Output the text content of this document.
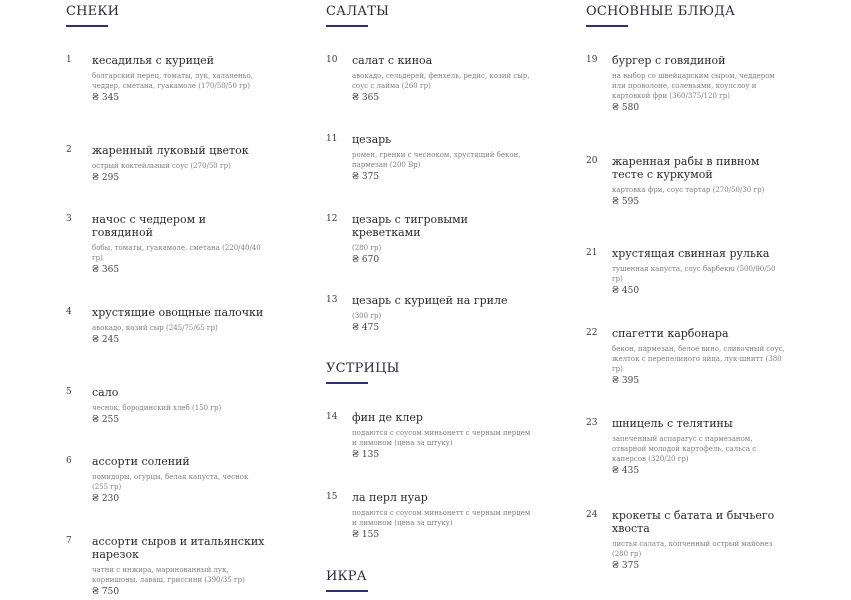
СНЕКИ
1 кесадилья с курицей
болгарский перец, томаты, лук, халапеньо, чеддер, сметана, гуакамоле (170/50/50 гр)
₴ 345
2 жаренный луковый цветок
острый коктейльный соус (270/50 гр)
₴ 295
3 начос с чеддером и говядиной
бобы, томаты, гуакамоле, сметана (220/40/40 гр)
₴ 365
4 хрустящие овощные палочки
авокадо, козий сыр (245/75/65 гр)
₴ 245
5 сало
чеснок, бородинский хлеб (150 гр)
₴ 255
6 ассорти солений
помидоры, огурцы, белая капуста, чеснок (255 гр)
₴ 230
7 ассорти сыров и итальянских нарезок
чатни с инжира, маринованный лук, корнишоны, лаваш, гриссини (390/35 гр)
₴ 750
САЛАТЫ
10 салат с киноа
авокадо, сельдерей, фенхель, редис, козий сыр, соус с лайма (260 гр)
₴ 365
11 цезарь
ромен, гренки с чесноком, хрустящий бекон, пармезан (200 Вр)
₴ 375
12 цезарь с тигровыми креветками
(280 гр)
₴ 670
13 цезарь с курицей на гриле
(300 гр)
₴ 475
УСТРИЦЫ
14 фин де клер
подаются с соусом миньонетт с черным перцем и лимоном (цена за штуку)
₴ 135
15 ла перл нуар
подаются с соусом миньонетт с черным перцем и лимоном (цена за штуку)
₴ 155
ИКРА
ОСНОВНЫЕ БЛЮДА
19 бургер с говядиной
на выбор со швейцарским сыром, чеддером или проволоне, соленьями, коулслоу и картовкой фри (360/375/120 гр)
₴ 580
20 жаренная рабы в пивном тесте с куркумой
картовка фри, соус тартар (270/50/30 гр)
₴ 595
21 хрустящая свинная рулька
тушенная капуста, соус барбекю (500/90/50 гр)
₴ 450
22 спагетти карбонара
бекон, пармезан, белое вино, сливочный соус, желток с перепелиного яйца, лук-шнитт (380 гр)
₴ 395
23 шницель с телятины
запеченный аспарагус с пармезаном, отварной молодой картофель, сальса с каперсов (320/20 гр)
₴ 435
24 крокеты с батата и бычьего хвоста
листья салата, копченный острый майонез (280 гр)
₴ 375
